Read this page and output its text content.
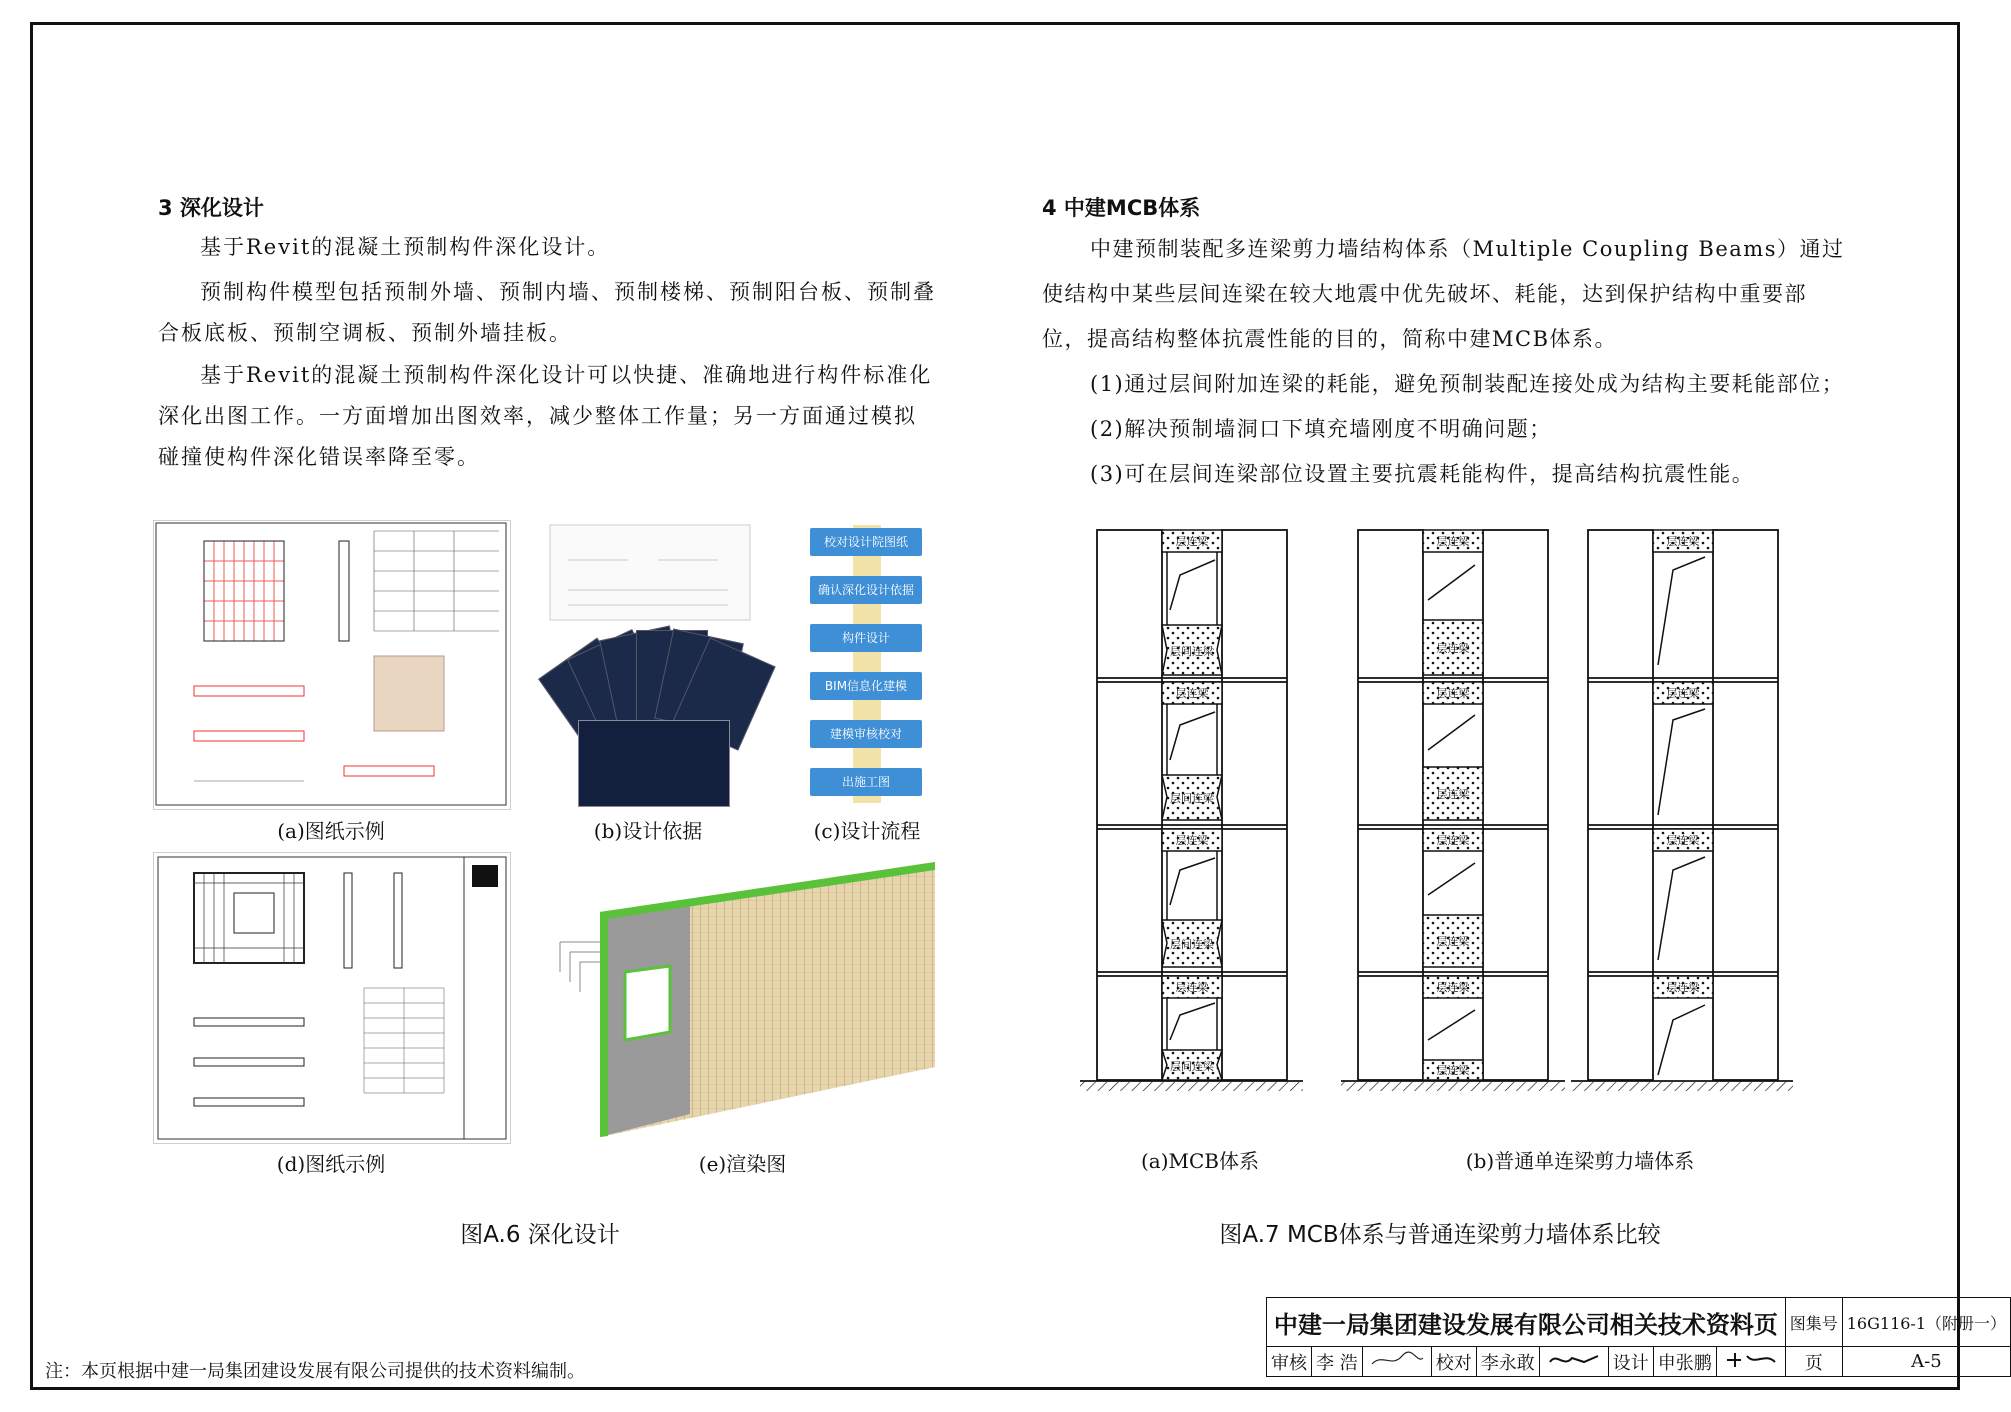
3 深化设计
基于Revit的混凝土预制构件深化设计。
预制构件模型包括预制外墙、预制内墙、预制楼梯、预制阳台板、预制叠合板底板、预制空调板、预制外墙挂板。
基于Revit的混凝土预制构件深化设计可以快捷、准确地进行构件标准化深化出图工作。一方面增加出图效率，减少整体工作量；另一方面通过模拟碰撞使构件深化错误率降至零。
(a)图纸示例	(b)设计依据
校对设计院图纸
确认深化设计依据
构件设计
BIM信息化建模
建模审核校对
出施工图
(c)设计流程
(d)图纸示例	(e)渲染图
图A.6 深化设计
4 中建MCB体系
中建预制装配多连梁剪力墙结构体系（Multiple Coupling Beams）通过使结构中某些层间连梁在较大地震中优先破坏、耗能，达到保护结构中重要部位，提高结构整体抗震性能的目的，简称中建MCB体系。
(1)通过层间附加连梁的耗能，避免预制装配连接处成为结构主要耗能部位；
(2)解决预制墙洞口下填充墙刚度不明确问题；
(3)可在层间连梁部位设置主要抗震耗能构件，提高结构抗震性能。
层连梁
层间连梁
层连梁
层间连梁
层连梁
层间连梁
层连梁
层间连梁
层连梁
层连梁
层连梁
层连梁
层连梁
层连梁
层连梁
层连梁
层连梁
层连梁
层连梁
层连梁
(a)MCB体系	(b)普通单连梁剪力墙体系
图A.7 MCB体系与普通连梁剪力墙体系比较
注：本页根据中建一局集团建设发展有限公司提供的技术资料编制。
中建一局集团建设发展有限公司相关技术资料页									图集号	16G116-1（附册一）
审核	李 浩		校对	李永敢		设计	申张鹏		页	A-5
